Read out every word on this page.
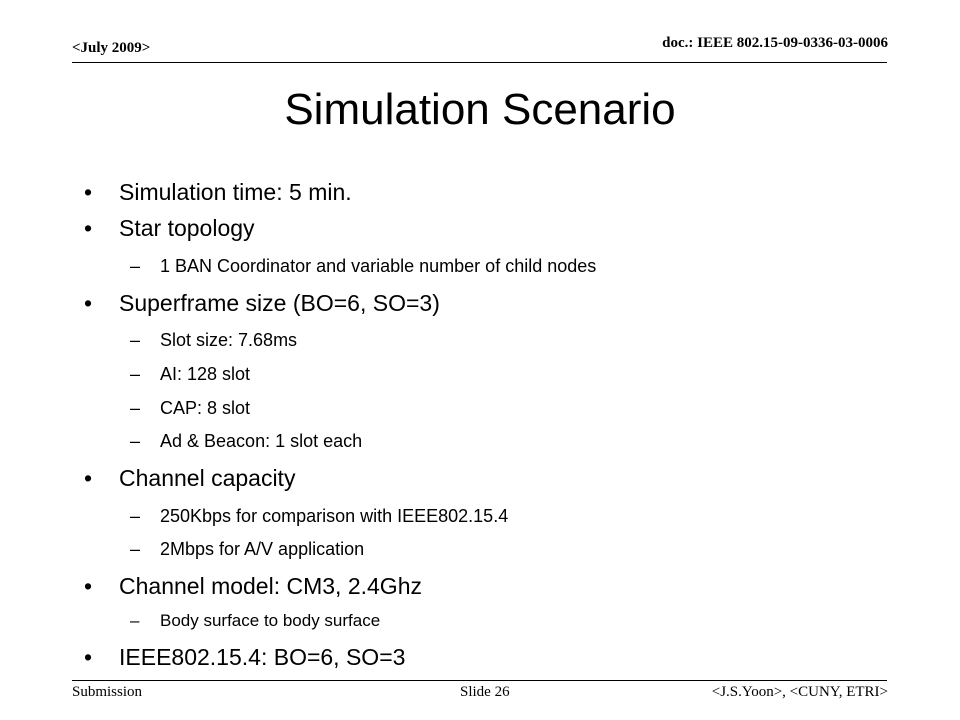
<July 2009>	doc.: IEEE 802.15-09-0336-03-0006
Simulation Scenario
• Simulation time: 5 min.
• Star topology
– 1 BAN Coordinator and variable number of child nodes
• Superframe size (BO=6, SO=3)
– Slot size: 7.68ms
– AI: 128 slot
– CAP: 8 slot
– Ad & Beacon: 1 slot each
• Channel capacity
– 250Kbps for comparison with IEEE802.15.4
– 2Mbps for A/V application
• Channel model: CM3, 2.4Ghz
– Body surface to body surface
• IEEE802.15.4: BO=6, SO=3
Submission	Slide 26	<J.S.Yoon>, <CUNY, ETRI>
